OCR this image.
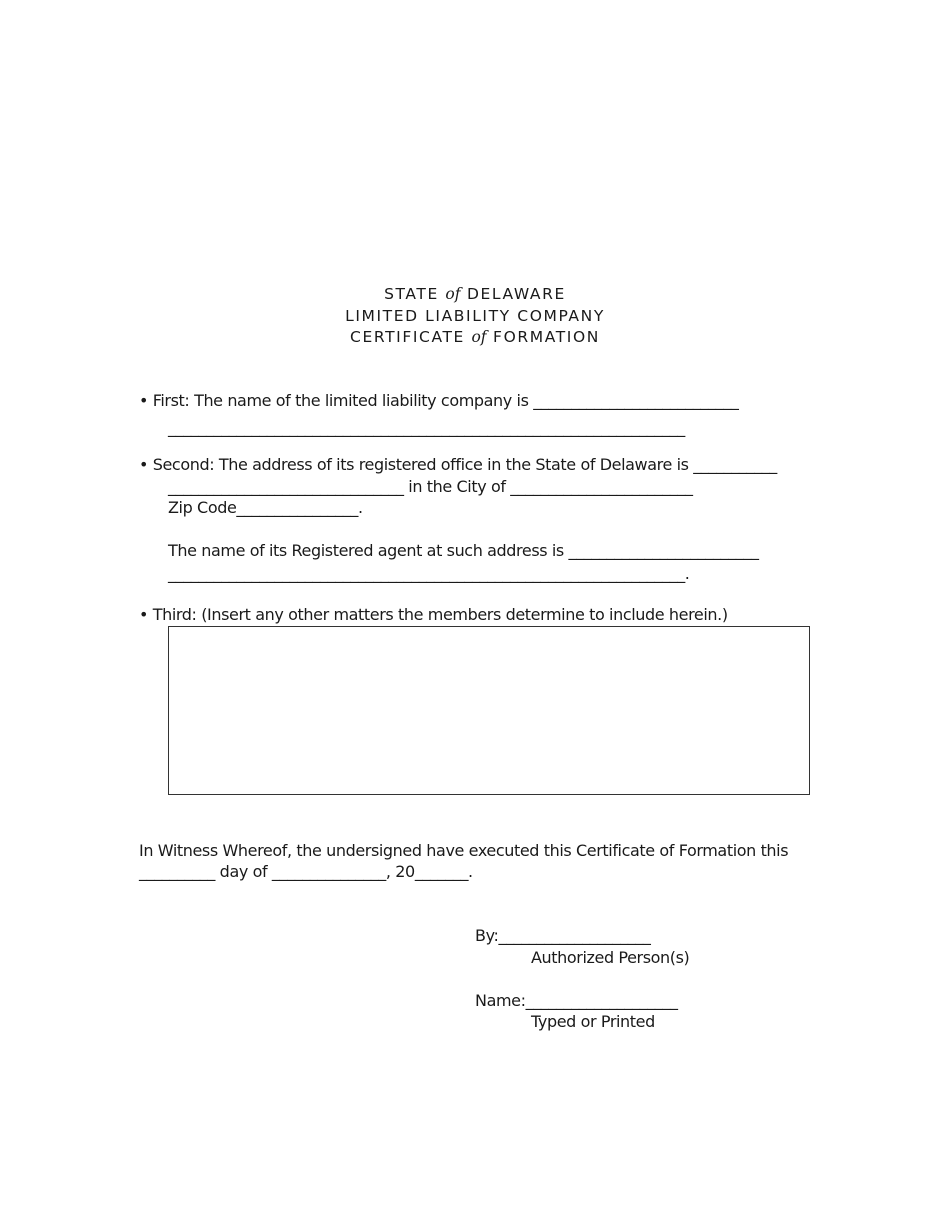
STATE of DELAWARE
LIMITED LIABILITY COMPANY
CERTIFICATE of FORMATION
• First: The name of the limited liability company is ___________________________
____________________________________________________________________
• Second: The address of its registered office in the State of Delaware is ___________
_______________________________ in the City of ________________________
Zip Code________________.
The name of its Registered agent at such address is _________________________
____________________________________________________________________.
• Third: (Insert any other matters the members determine to include herein.)
In Witness Whereof, the undersigned have executed this Certificate of Formation this
__________ day of _______________, 20_______.
By:____________________
Authorized Person(s)
Name:____________________
Typed or Printed
